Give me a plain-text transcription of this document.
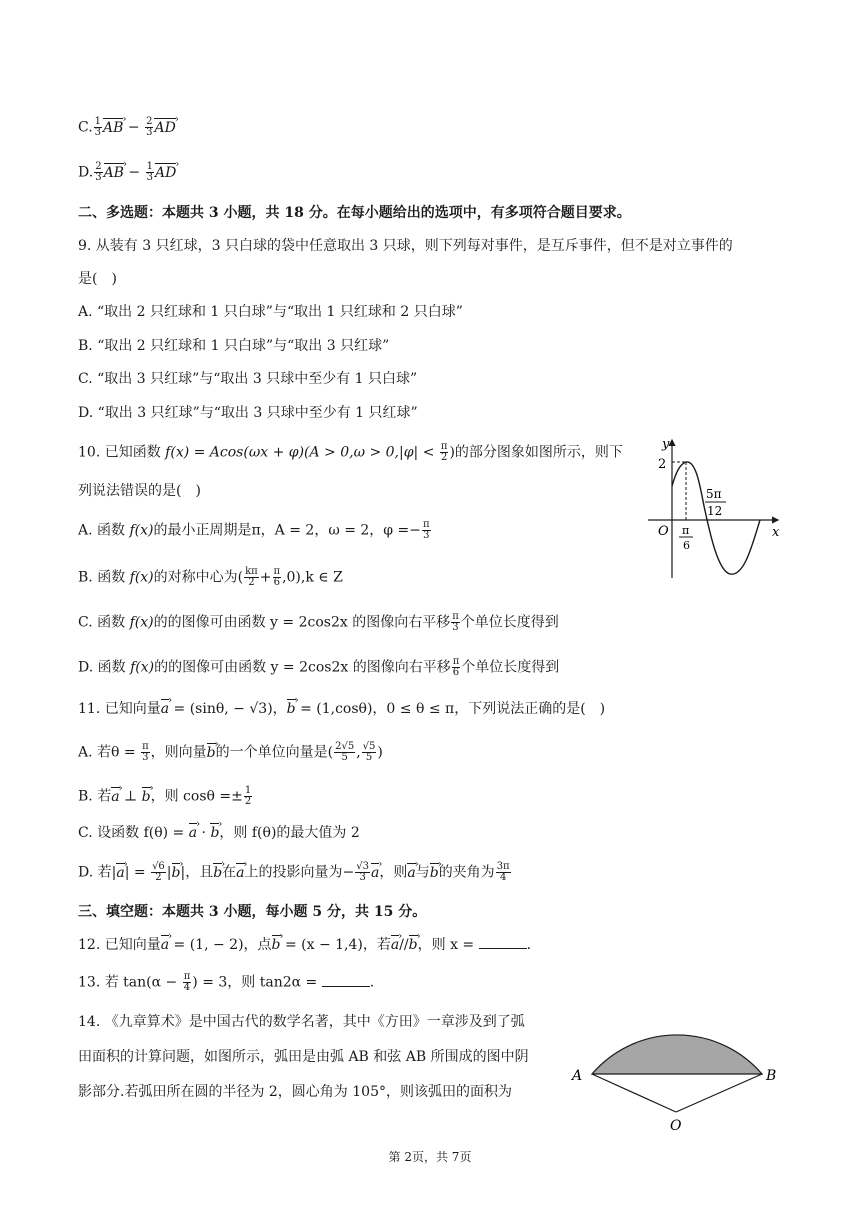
C. $\frac{1}{3}$ AB › − $\frac{2}{3}$ AD ›
D. $\frac{2}{3}$ AB › − $\frac{1}{3}$ AD ›
二、多选题：本题共 3 小题，共 18 分。在每小题给出的选项中，有多项符合题目要求。
9. 从装有 3 只红球，3 只白球的袋中任意取出 3 只球，则下列每对事件，是互斥事件，但不是对立事件的
是(　)
A. “取出 2 只红球和 1 只白球”与“取出 1 只红球和 2 只白球”
B. “取出 2 只红球和 1 只白球”与“取出 3 只红球”
C. “取出 3 只红球”与“取出 3 只球中至少有 1 只白球”
D. “取出 3 只红球”与“取出 3 只球中至少有 1 只红球”
10. 已知函数 $f(x) = Acos(\omega x + \varphi)(A > 0,\omega > 0,|\varphi| < \frac{\pi}{2}$ )的部分图象如图所示，则下
列说法错误的是(　)
A. 函数 f(x)的最小正周期是π，A = 2，ω = 2，$\varphi =- \frac{\pi}{3}$
B. 函数 f(x)的对称中心为( $\frac{k\pi}{2} + \frac{\pi}{6} ,0),k$ ∈ Z
C. 函数 f(x)的的图像可由函数 y = 2cos2x 的图像向右平移 $\frac{\pi}{3}$ 个单位长度得到
D. 函数 f(x)的的图像可由函数 y = 2cos2x 的图像向右平移 $\frac{\pi}{6}$ 个单位长度得到
y
x
O
2
π
6
5π
12
11. 已知向量a › = (sinθ, − √3)，b › = (1,cosθ)，0 ≤ θ ≤ π，下列说法正确的是(　)
A. 若$\theta = \frac{\pi}{3}$ ，则向量b ›的一个单位向量是( $\frac{2√5}{5}$ , $\frac{√5}{5}$ )
B. 若a › ⊥ b ›，则 $\cos\theta =\pm \frac{1}{2}$
C. 设函数 f(θ) = a › · b ›，则 f(θ)的最大值为 2
D. 若|a ›| = $\frac{√6}{2} |b$ ›|，且b ›在a ›上的投影向量为− $\frac{√3}{3}$ a ›，则a ›与b ›的夹角为 $\frac{3\pi}{4}$
三、填空题：本题共 3 小题，每小题 5 分，共 15 分。
12. 已知向量a › = (1, − 2)，点b › = (x − 1,4)，若a ›//b ›，则 x =	.
13. 若 $\tan(\alpha - \frac{\pi}{4}$ ) = 3，则 tan2α =	.
14. 《九章算术》是中国古代的数学名著，其中《方田》一章涉及到了弧
田面积的计算问题，如图所示，弧田是由弧 AB 和弦 AB 所围成的图中阴
影部分.若弧田所在圆的半径为 2，圆心角为 105°，则该弧田的面积为
A	B
O
第 2页，共 7页
